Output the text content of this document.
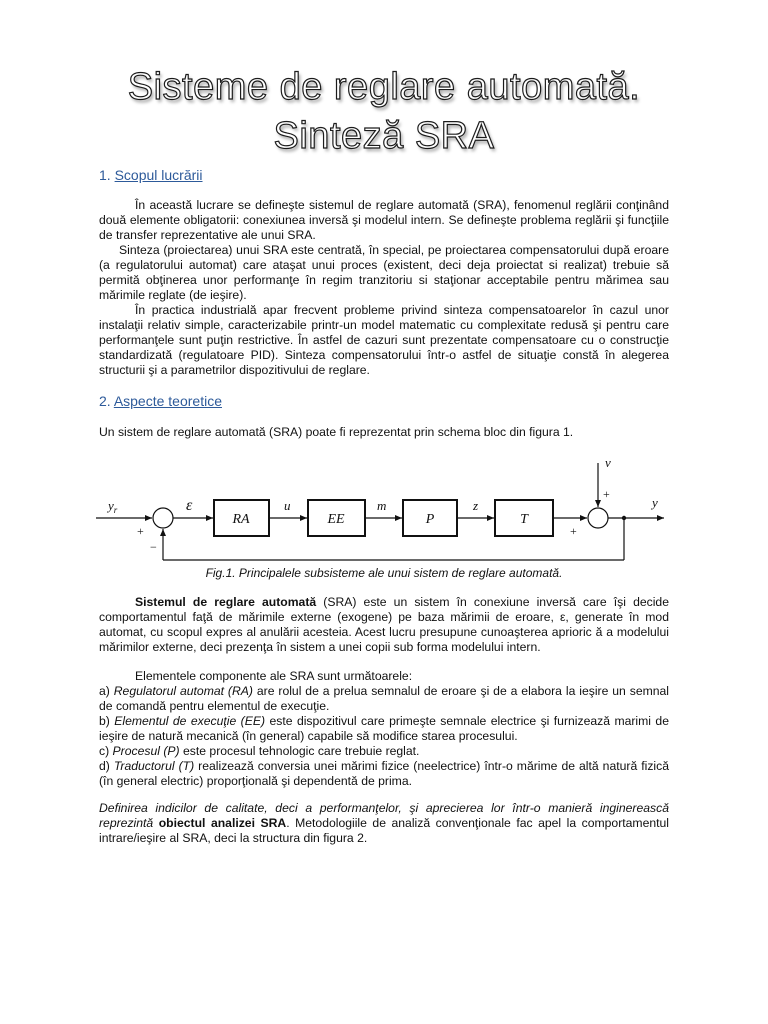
Sisteme de reglare automată.
Sinteză SRA
1. Scopul lucrării

În această lucrare se defineşte sistemul de reglare automată (SRA), fenomenul reglării conţinând două elemente obligatorii: conexiunea inversă şi modelul intern. Se defineşte problema reglării şi funcţiile de transfer reprezentative ale unui SRA.

Sinteza (proiectarea) unui SRA este centrată, în special, pe proiectarea compensatorului după eroare (a regulatorului automat) care ataşat unui proces (existent, deci deja proiectat si realizat) trebuie să permită obţinerea unor performanţe în regim tranzitoriu si staţionar acceptabile pentru mărimea sau mărimile reglate (de ieşire).

În practica industrială apar frecvent probleme privind sinteza compensatoarelor în cazul unor instalaţii relativ simple, caracterizabile printr-un model matematic cu complexitate redusă şi pentru care performanţele sunt puţin restrictive. În astfel de cazuri sunt prezentate compensatoare cu o construcţie standardizată (regulatoare PID). Sinteza compensatorului într-o astfel de situaţie constă în alegerea structurii şi a parametrilor dispozitivului de reglare.

2. Aspecte teoretice
Un sistem de reglare automată (SRA) poate fi reprezentat prin schema bloc din figura 1.
RA	EE	P	T
$y_r$	ε	u	m	z
v
y
+
−
+
+
Fig.1. Principalele subsisteme ale unui sistem de reglare automată.

Sistemul de reglare automată (SRA) este un sistem în conexiune inversă care îşi decide comportamentul faţă de mărimile externe (exogene) pe baza mărimii de eroare, ε, generate în mod automat, cu scopul expres al anulării acesteia. Acest lucru presupune cunoaşterea aprioric ă a modelului mărimilor externe, deci prezenţa în sistem a unei copii sub forma modelului intern.

Elementele componente ale SRA sunt următoarele:

a) Regulatorul automat (RA) are rolul de a prelua semnalul de eroare şi de a elabora la ieşire un semnal de comandă pentru elementul de execuţie.

b) Elementul de execuţie (EE) este dispozitivul care primeşte semnale electrice şi furnizează marimi de ieşire de natură mecanică (în general) capabile să modifice starea procesului.

c) Procesul (P) este procesul tehnologic care trebuie reglat.

d) Traductorul (T) realizează conversia unei mărimi fizice (neelectrice) într-o mărime de altă natură fizică (în general electric) proporţională şi dependentă de prima.

Definirea indicilor de calitate, deci a performanţelor, şi aprecierea lor într-o manieră inginerească reprezintă obiectul analizei SRA. Metodologiile de analiză convenţionale fac apel la comportamentul intrare/ieşire al SRA, deci la structura din figura 2.
